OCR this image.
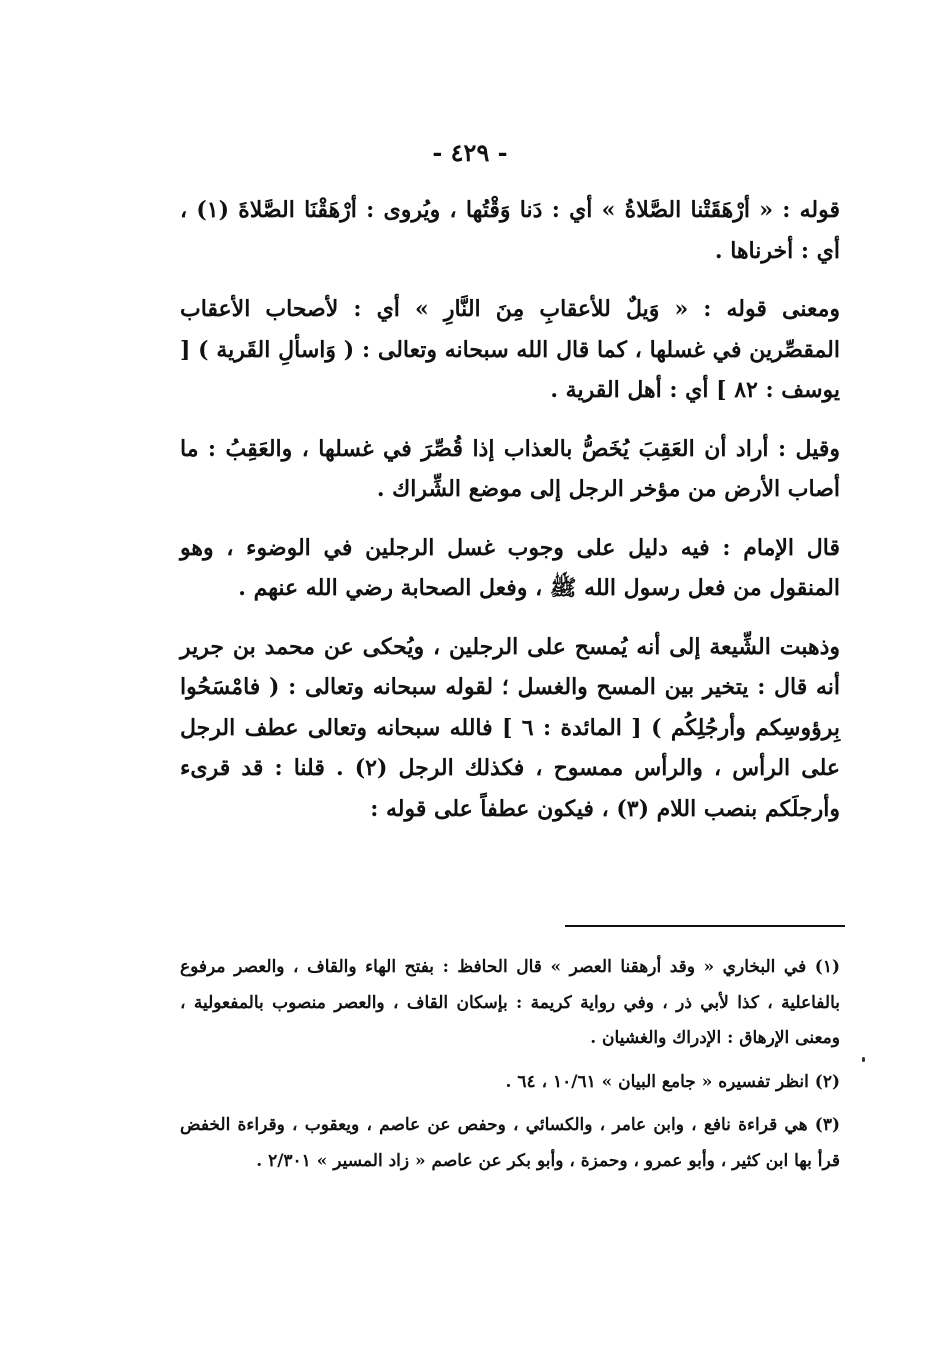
- ٤٢٩ -

قوله : « أرْهَقَتْنا الصَّلاةُ » أي : دَنا وَقْتُها ، ويُروى : أرْهَقْنَا الصَّلاةَ (١) ، أي : أخرناها .

ومعنى قوله : « وَيلٌ للأعقابِ مِنَ النَّارِ » أي : لأصحاب الأعقاب المقصِّرين في غسلها ، كما قال الله سبحانه وتعالى : ( وَاسألِ القَرية ) [ يوسف : ٨٢ ] أي : أهل القرية .

وقيل : أراد أن العَقِبَ يُخَصُّ بالعذاب إذا قُصِّرَ في غسلها ، والعَقِبُ : ما أصاب الأرض من مؤخر الرجل إلى موضع الشِّراك .

قال الإمام : فيه دليل على وجوب غسل الرجلين في الوضوء ، وهو المنقول من فعل رسول الله ﷺ ، وفعل الصحابة رضي الله عنهم .

وذهبت الشِّيعة إلى أنه يُمسح على الرجلين ، ويُحكى عن محمد بن جرير أنه قال : يتخير بين المسح والغسل ؛ لقوله سبحانه وتعالى : ( فامْسَحُوا بِرؤوسِكم وأرجُلِكُم ) [ المائدة : ٦ ] فالله سبحانه وتعالى عطف الرجل على الرأس ، والرأس ممسوح ، فكذلك الرجل (٢) . قلنا : قد قرىء وأرجلَكم بنصب اللام (٣) ، فيكون عطفاً على قوله :

(١) في البخاري « وقد أرهقنا العصر » قال الحافظ : بفتح الهاء والقاف ، والعصر مرفوع بالفاعلية ، كذا لأبي ذر ، وفي رواية كريمة : بإسكان القاف ، والعصر منصوب بالمفعولية ، ومعنى الإرهاق : الإدراك والغشيان .

(٢) انظر تفسيره « جامع البيان » ١٠/٦١ ، ٦٤ .

(٣) هي قراءة نافع ، وابن عامر ، والكسائي ، وحفص عن عاصم ، ويعقوب ، وقراءة الخفض قرأ بها ابن كثير ، وأبو عمرو ، وحمزة ، وأبو بكر عن عاصم « زاد المسير » ٢/٣٠١ .
